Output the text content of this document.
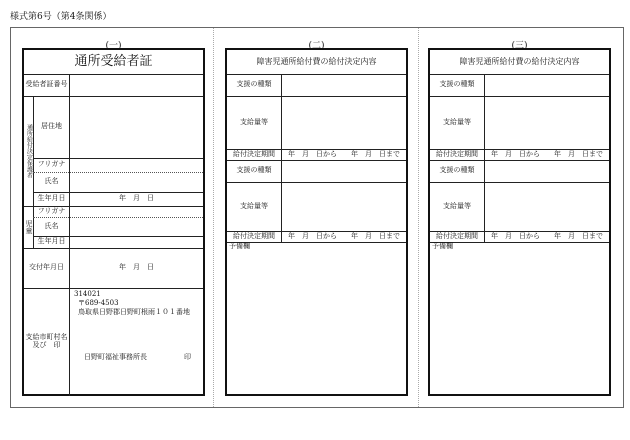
様式第6号（第4条関係）
(一)	(二)	(三)
通所受給者証
受給者証番号
通所給付決定保護者	居住地
フリガナ
氏名
生年月日	年　月　日
児童
フリガナ
氏名
生年月日
交付年月日	年　月　日
支給市町村名
及び　印
314021
〒689-4503
鳥取県日野郡日野町根雨１０１番地
日野町福祉事務所長	印
障害児通所給付費の給付決定内容
支援の種類
支給量等
給付決定期間	年　月　日から　　年　月　日まで
支援の種類
支給量等
給付決定期間	年　月　日から　　年　月　日まで
予備欄
障害児通所給付費の給付決定内容
支援の種類
支給量等
給付決定期間	年　月　日から　　年　月　日まで
支援の種類
支給量等
給付決定期間	年　月　日から　　年　月　日まで
予備欄
